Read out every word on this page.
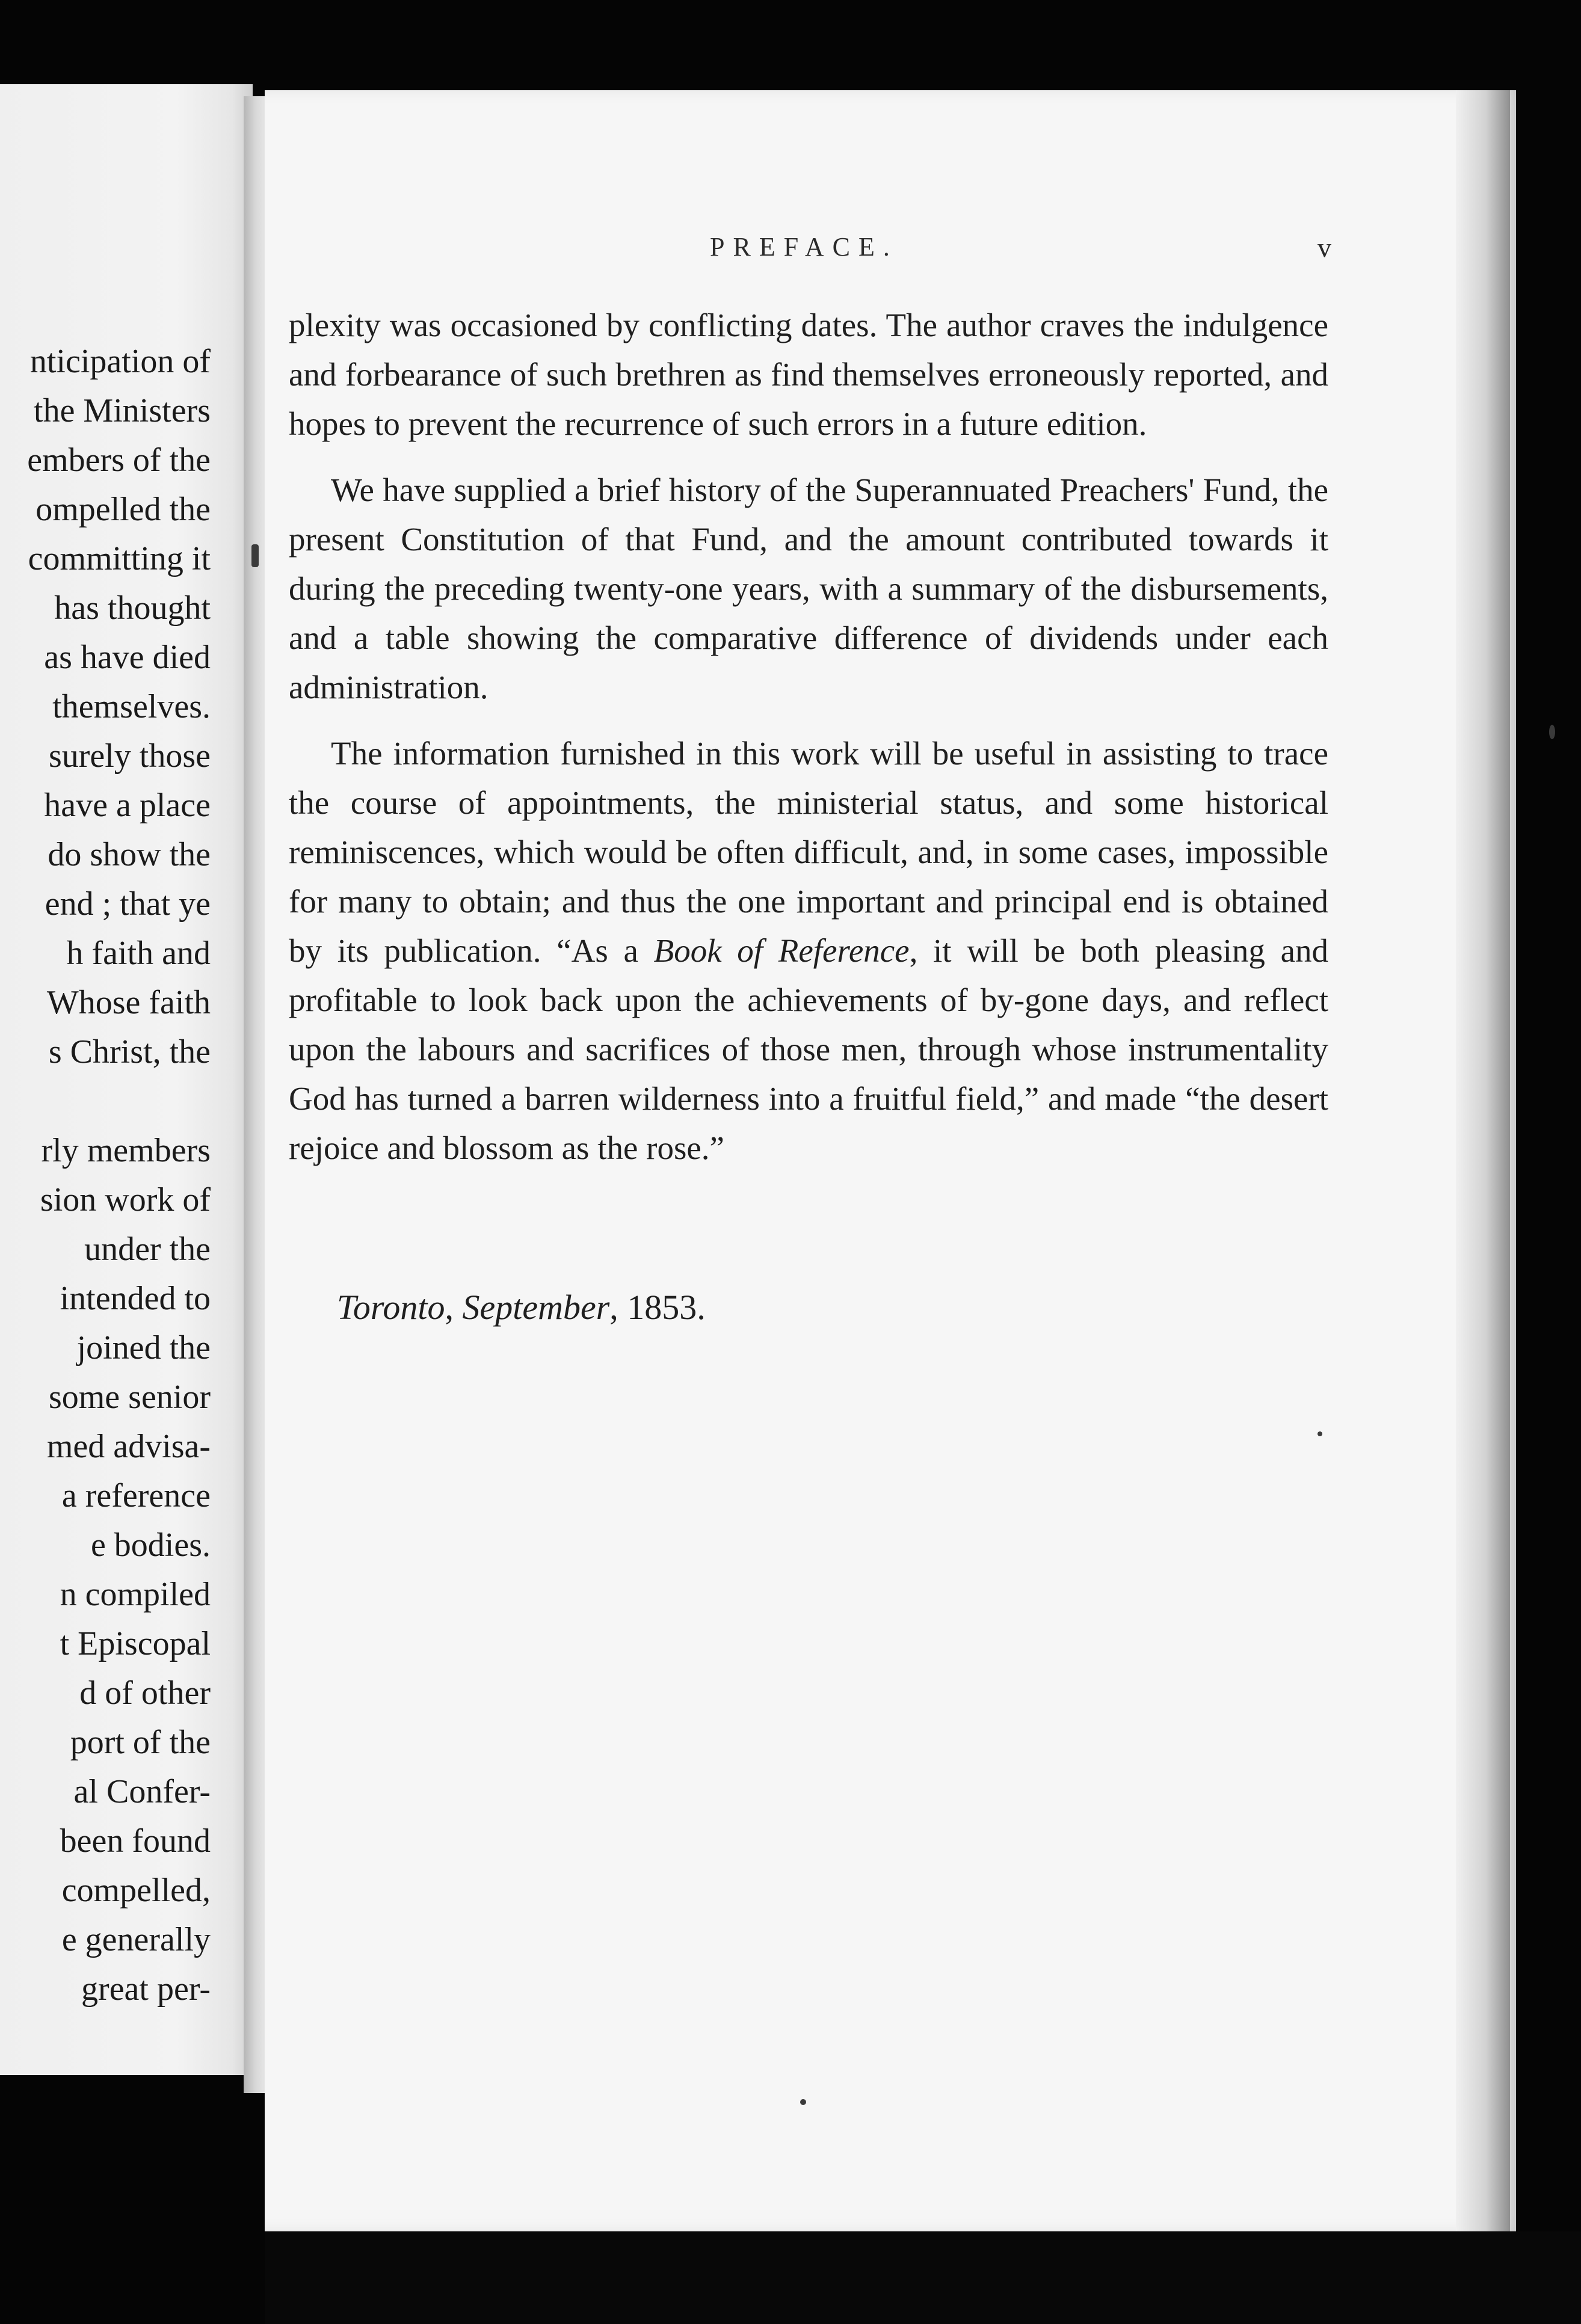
nticipation of
the Ministers
embers of the
ompelled the
committing it
has thought
as have died
themselves.
surely those
have a place
do show the
end ; that ye
h faith and
Whose faith
s Christ, the
rly members
sion work of
under the
intended to
joined the
some senior
med advisa-
a reference
e bodies.
n compiled
t Episcopal
d of other
port of the
al Confer-
been found
compelled,
e generally
great per-
PREFACE.	v

plexity was occasioned by conflicting dates. The author craves the indulgence and forbearance of such brethren as find themselves erroneously reported, and hopes to prevent the recurrence of such errors in a future edition.

We have supplied a brief history of the Superannuated Preachers' Fund, the present Constitution of that Fund, and the amount contributed towards it during the preceding twenty-one years, with a summary of the disbursements, and a table showing the comparative difference of dividends under each administration.

The information furnished in this work will be useful in assisting to trace the course of appointments, the ministerial status, and some historical reminiscences, which would be often difficult, and, in some cases, impossible for many to obtain; and thus the one important and principal end is obtained by its publication. “As a Book of Reference, it will be both pleasing and profitable to look back upon the achievements of by-gone days, and reflect upon the labours and sacrifices of those men, through whose instrumentality God has turned a barren wilderness into a fruitful field,” and made “the desert rejoice and blossom as the rose.”

Toronto, September, 1853.
